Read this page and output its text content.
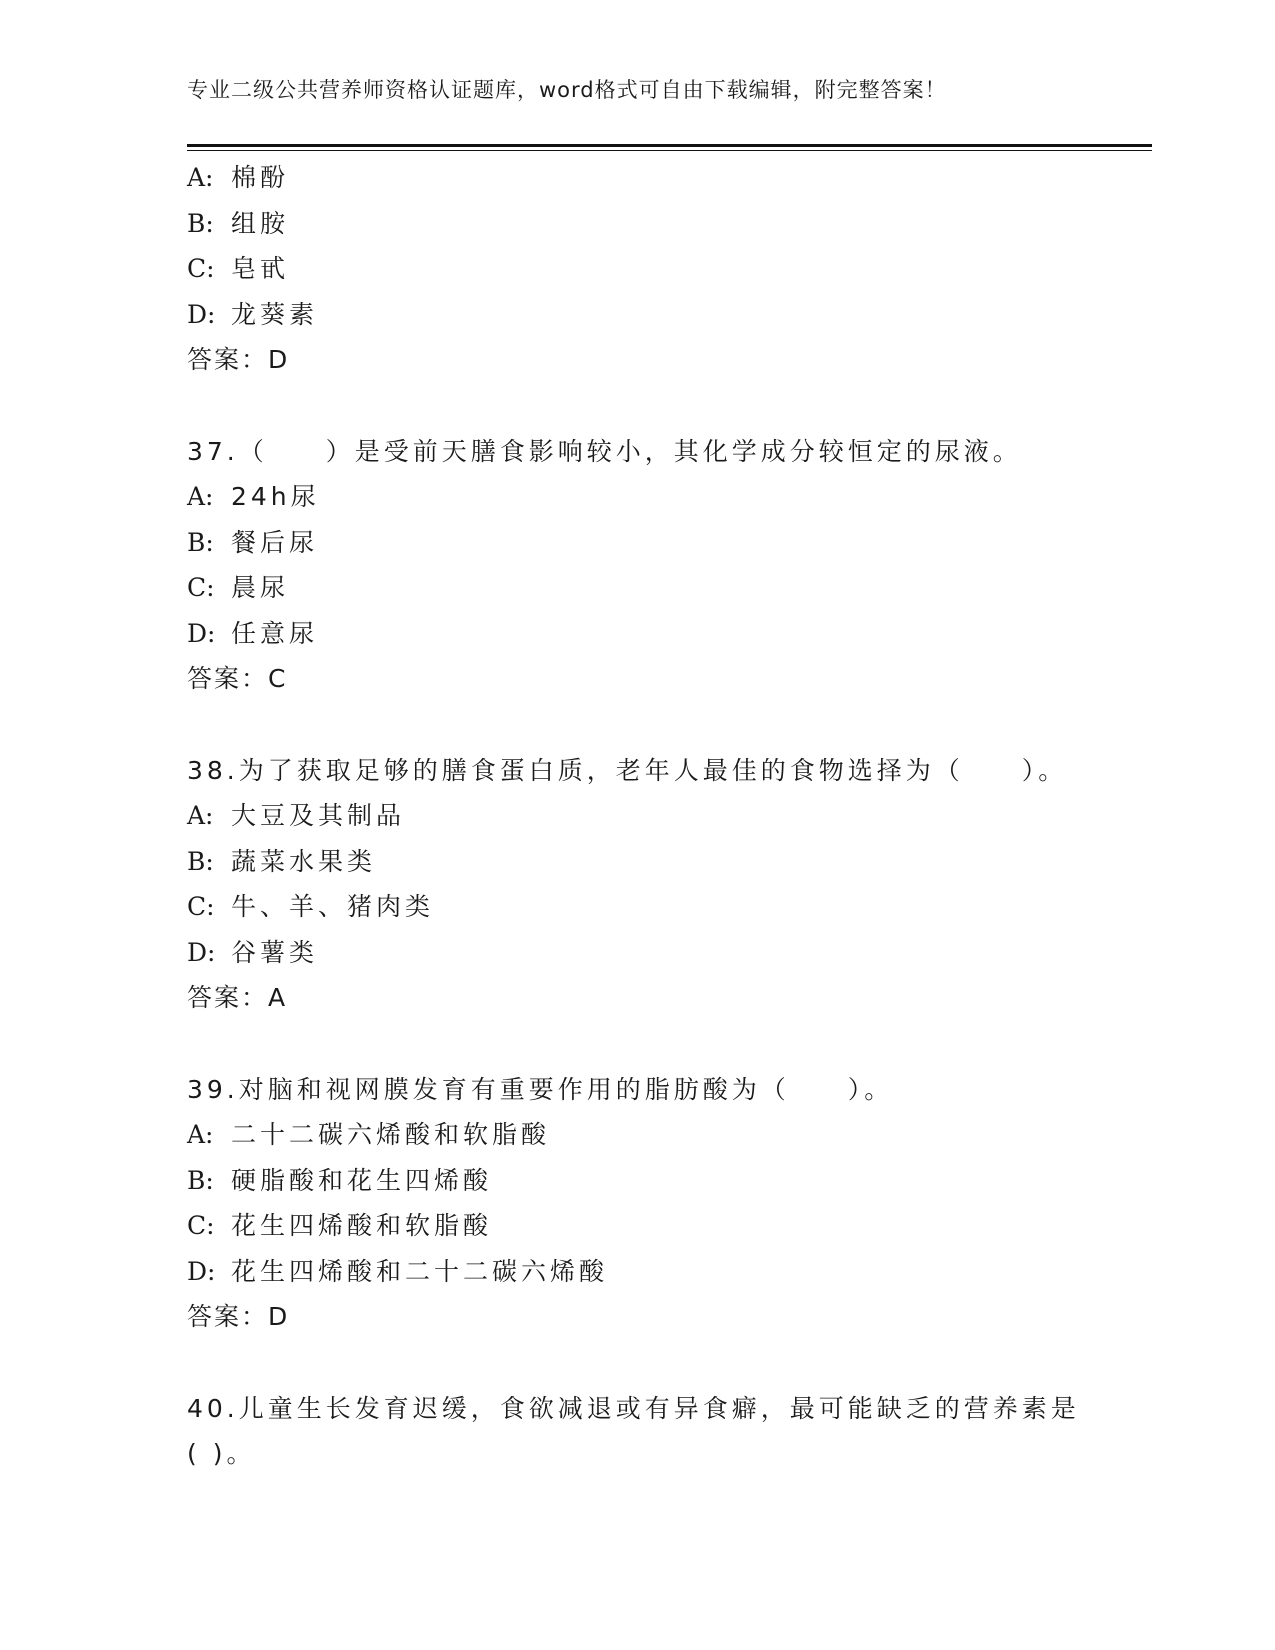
专业二级公共营养师资格认证题库，word格式可自由下载编辑，附完整答案！
A: 棉酚
B: 组胺
C: 皂甙
D: 龙葵素
答案：D
37.（　　）是受前天膳食影响较小，其化学成分较恒定的尿液。
A: 24h尿
B: 餐后尿
C: 晨尿
D: 任意尿
答案：C
38.为了获取足够的膳食蛋白质，老年人最佳的食物选择为（　　）。
A: 大豆及其制品
B: 蔬菜水果类
C: 牛、羊、猪肉类
D: 谷薯类
答案：A
39.对脑和视网膜发育有重要作用的脂肪酸为（　　）。
A: 二十二碳六烯酸和软脂酸
B: 硬脂酸和花生四烯酸
C: 花生四烯酸和软脂酸
D: 花生四烯酸和二十二碳六烯酸
答案：D
40.儿童生长发育迟缓，食欲减退或有异食癖，最可能缺乏的营养素是
( )。
